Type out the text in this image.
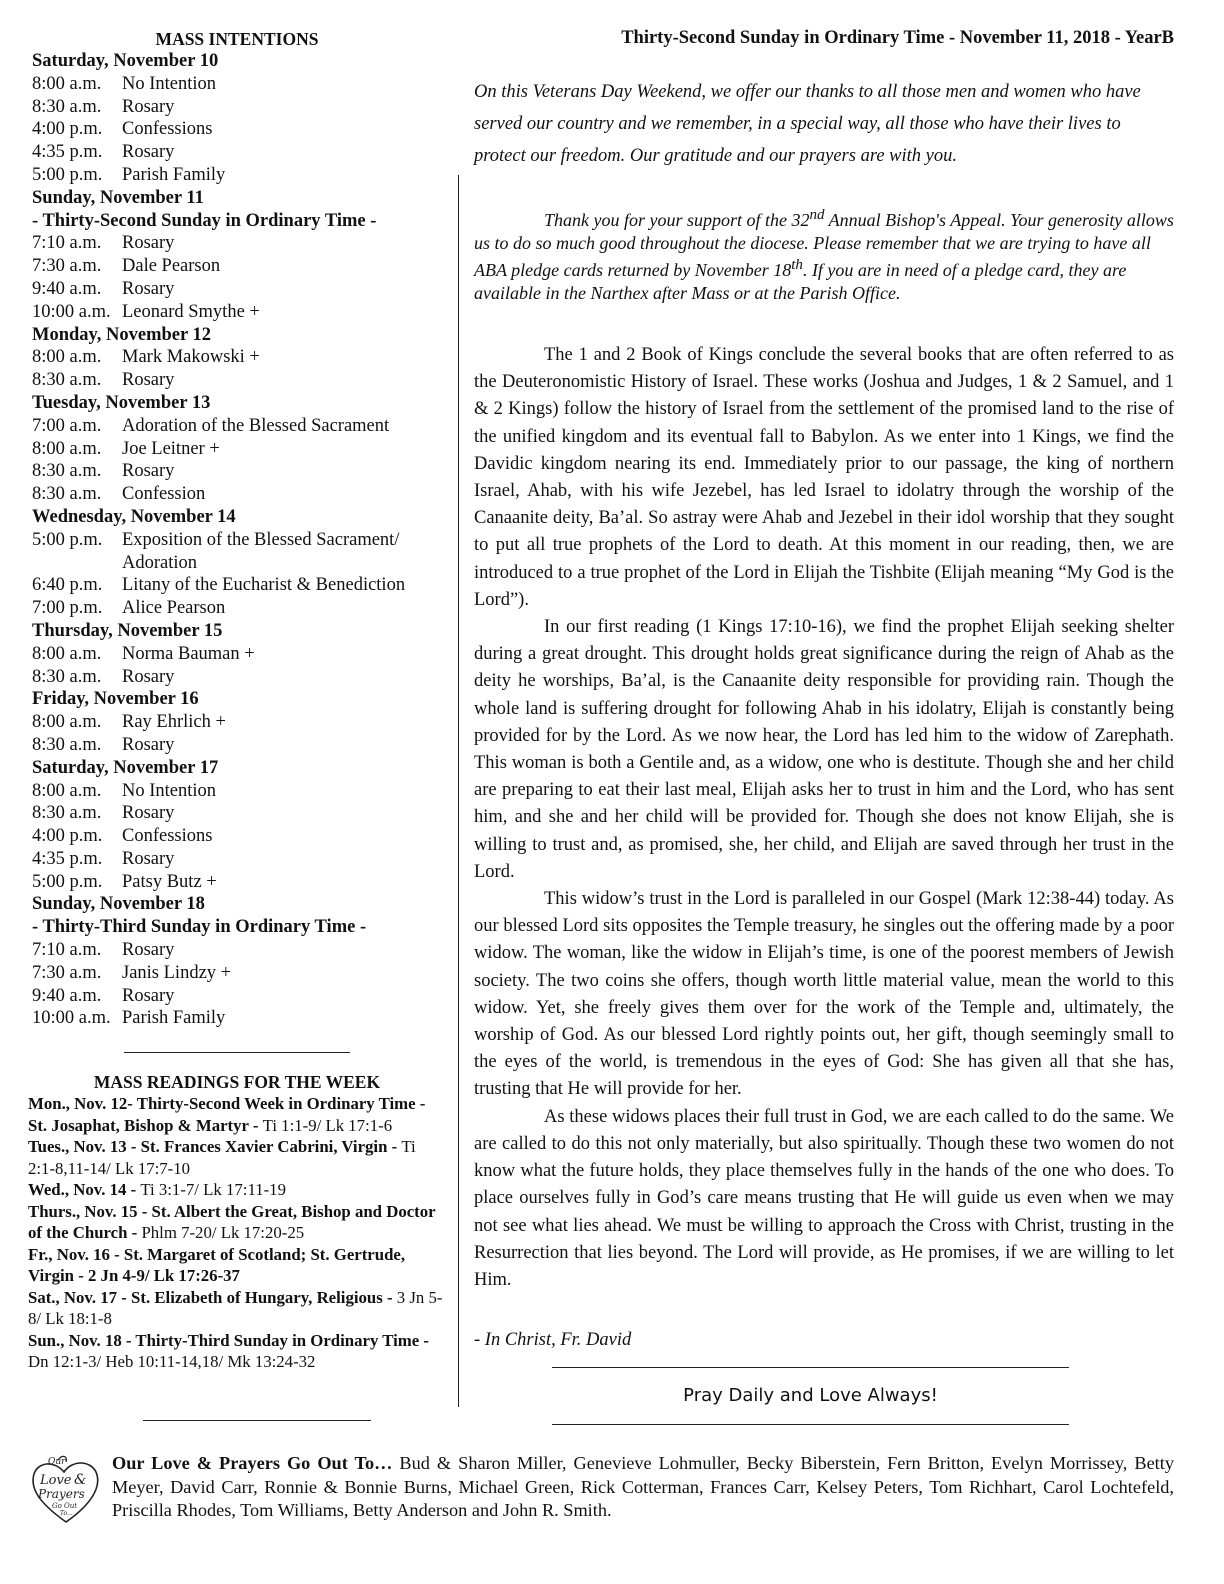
MASS INTENTIONS
Saturday, November 10
8:00 a.m.	No Intention
8:30 a.m.	Rosary
4:00 p.m.	Confessions
4:35 p.m.	Rosary
5:00 p.m.	Parish Family
Sunday, November 11
- Thirty-Second Sunday in Ordinary Time -
7:10 a.m.	Rosary
7:30 a.m.	Dale Pearson
9:40 a.m.	Rosary
10:00 a.m. Leonard Smythe +
Monday, November 12
8:00 a.m.	Mark Makowski +
8:30 a.m.	Rosary
Tuesday, November 13
7:00 a.m.	Adoration of the Blessed Sacrament
8:00 a.m.	Joe Leitner +
8:30 a.m.	Rosary
8:30 a.m.	Confession
Wednesday, November 14
5:00 p.m.	Exposition of the Blessed Sacrament/ Adoration
6:40 p.m.	Litany of the Eucharist & Benediction
7:00 p.m.	Alice Pearson
Thursday, November 15
8:00 a.m.	Norma Bauman +
8:30 a.m.	Rosary
Friday, November 16
8:00 a.m.	Ray Ehrlich +
8:30 a.m.	Rosary
Saturday, November 17
8:00 a.m.	No Intention
8:30 a.m.	Rosary
4:00 p.m.	Confessions
4:35 p.m.	Rosary
5:00 p.m.	Patsy Butz +
Sunday, November 18
- Thirty-Third Sunday in Ordinary Time -
7:10 a.m.	Rosary
7:30 a.m.	Janis Lindzy +
9:40 a.m.	Rosary
10:00 a.m. Parish Family
MASS READINGS FOR THE WEEK
Mon., Nov. 12- Thirty-Second Week in Ordinary Time - St. Josaphat, Bishop & Martyr - Ti 1:1-9/ Lk 17:1-6
Tues., Nov. 13 - St. Frances Xavier Cabrini, Virgin - Ti 2:1-8,11-14/ Lk 17:7-10
Wed., Nov. 14 - Ti 3:1-7/ Lk 17:11-19
Thurs., Nov. 15 - St. Albert the Great, Bishop and Doctor of the Church - Phlm 7-20/ Lk 17:20-25
Fr., Nov. 16 - St. Margaret of Scotland; St. Gertrude, Virgin - 2 Jn 4-9/ Lk 17:26-37
Sat., Nov. 17 - St. Elizabeth of Hungary, Religious - 3 Jn 5-8/ Lk 18:1-8
Sun., Nov. 18 - Thirty-Third Sunday in Ordinary Time - Dn 12:1-3/ Heb 10:11-14,18/ Mk 13:24-32
Thirty-Second Sunday in Ordinary Time - November 11, 2018 - YearB
On this Veterans Day Weekend, we offer our thanks to all those men and women who have served our country and we remember, in a special way, all those who have their lives to protect our freedom. Our gratitude and our prayers are with you.
Thank you for your support of the 32nd Annual Bishop's Appeal. Your generosity allows us to do so much good throughout the diocese. Please remember that we are trying to have all ABA pledge cards returned by November 18th. If you are in need of a pledge card, they are available in the Narthex after Mass or at the Parish Office.

The 1 and 2 Book of Kings conclude the several books that are often referred to as the Deuteronomistic History of Israel. These works (Joshua and Judges, 1 & 2 Samuel, and 1 & 2 Kings) follow the history of Israel from the settlement of the promised land to the rise of the unified kingdom and its eventual fall to Babylon. As we enter into 1 Kings, we find the Davidic kingdom nearing its end. Immediately prior to our passage, the king of northern Israel, Ahab, with his wife Jezebel, has led Israel to idolatry through the worship of the Canaanite deity, Ba’al. So astray were Ahab and Jezebel in their idol worship that they sought to put all true prophets of the Lord to death. At this moment in our reading, then, we are introduced to a true prophet of the Lord in Elijah the Tishbite (Elijah meaning “My God is the Lord”).

In our first reading (1 Kings 17:10-16), we find the prophet Elijah seeking shelter during a great drought. This drought holds great significance during the reign of Ahab as the deity he worships, Ba’al, is the Canaanite deity responsible for providing rain. Though the whole land is suffering drought for following Ahab in his idolatry, Elijah is constantly being provided for by the Lord. As we now hear, the Lord has led him to the widow of Zarephath. This woman is both a Gentile and, as a widow, one who is destitute. Though she and her child are preparing to eat their last meal, Elijah asks her to trust in him and the Lord, who has sent him, and she and her child will be provided for. Though she does not know Elijah, she is willing to trust and, as promised, she, her child, and Elijah are saved through her trust in the Lord.

This widow’s trust in the Lord is paralleled in our Gospel (Mark 12:38-44) today. As our blessed Lord sits opposites the Temple treasury, he singles out the offering made by a poor widow. The woman, like the widow in Elijah’s time, is one of the poorest members of Jewish society. The two coins she offers, though worth little material value, mean the world to this widow. Yet, she freely gives them over for the work of the Temple and, ultimately, the worship of God. As our blessed Lord rightly points out, her gift, though seemingly small to the eyes of the world, is tremendous in the eyes of God: She has given all that she has, trusting that He will provide for her.

As these widows places their full trust in God, we are each called to do the same. We are called to do this not only materially, but also spiritually. Though these two women do not know what the future holds, they place themselves fully in the hands of the one who does. To place ourselves fully in God’s care means trusting that He will guide us even when we may not see what lies ahead. We must be willing to approach the Cross with Christ, trusting in the Resurrection that lies beyond. The Lord will provide, as He promises, if we are willing to let Him.

- In Christ, Fr. David
Pray Daily and Love Always!
Our
Love &
Prayers
Go Out
To...
Our Love & Prayers Go Out To… Bud & Sharon Miller, Genevieve Lohmuller, Becky Biberstein, Fern Britton, Evelyn Morrissey, Betty Meyer, David Carr, Ronnie & Bonnie Burns, Michael Green, Rick Cotterman, Frances Carr, Kelsey Peters, Tom Richhart, Carol Lochtefeld, Priscilla Rhodes, Tom Williams, Betty Anderson and John R. Smith.
